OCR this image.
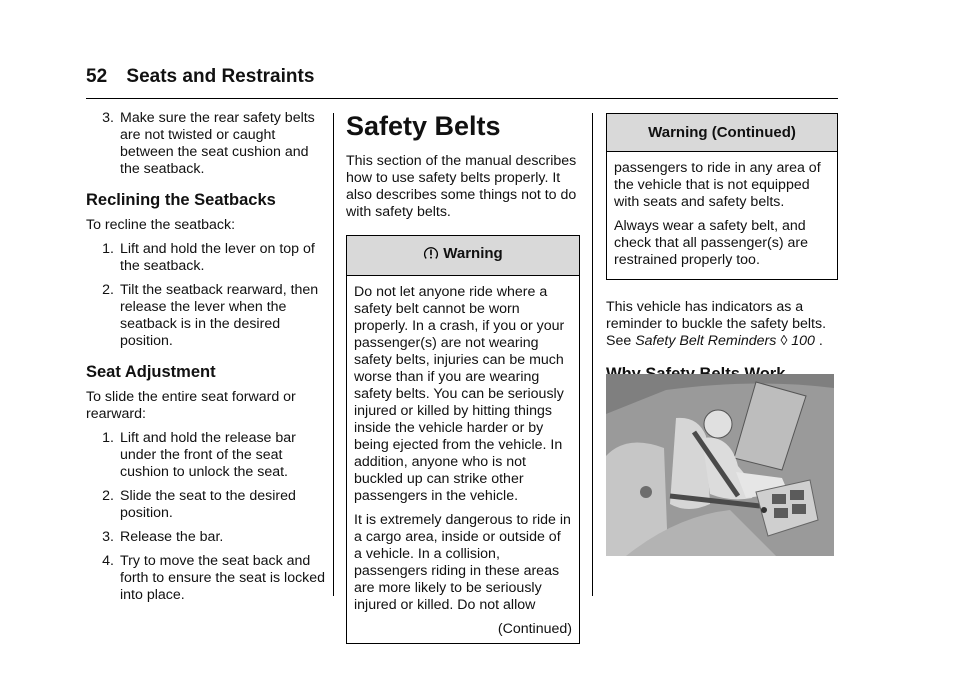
52 Seats and Restraints
3. Make sure the rear safety belts are not twisted or caught between the seat cushion and the seatback.
Reclining the Seatbacks

To recline the seatback:

1. Lift and hold the lever on top of the seatback.
2. Tilt the seatback rearward, then release the lever when the seatback is in the desired position.
Seat Adjustment

To slide the entire seat forward or rearward:

1. Lift and hold the release bar under the front of the seat cushion to unlock the seat.
2. Slide the seat to the desired position.
3. Release the bar.
4. Try to move the seat back and forth to ensure the seat is locked into place.
Safety Belts

This section of the manual describes how to use safety belts properly. It also describes some things not to do with safety belts.

Warning

Do not let anyone ride where a safety belt cannot be worn properly. In a crash, if you or your passenger(s) are not wearing safety belts, injuries can be much worse than if you are wearing safety belts. You can be seriously injured or killed by hitting things inside the vehicle harder or by being ejected from the vehicle. In addition, anyone who is not buckled up can strike other passengers in the vehicle.

It is extremely dangerous to ride in a cargo area, inside or outside of a vehicle. In a collision, passengers riding in these areas are more likely to be seriously injured or killed. Do not allow

(Continued)
Warning (Continued)

passengers to ride in any area of the vehicle that is not equipped with seats and safety belts.

Always wear a safety belt, and check that all passenger(s) are restrained properly too.

This vehicle has indicators as a reminder to buckle the safety belts. See Safety Belt Reminders ◊ 100 .
